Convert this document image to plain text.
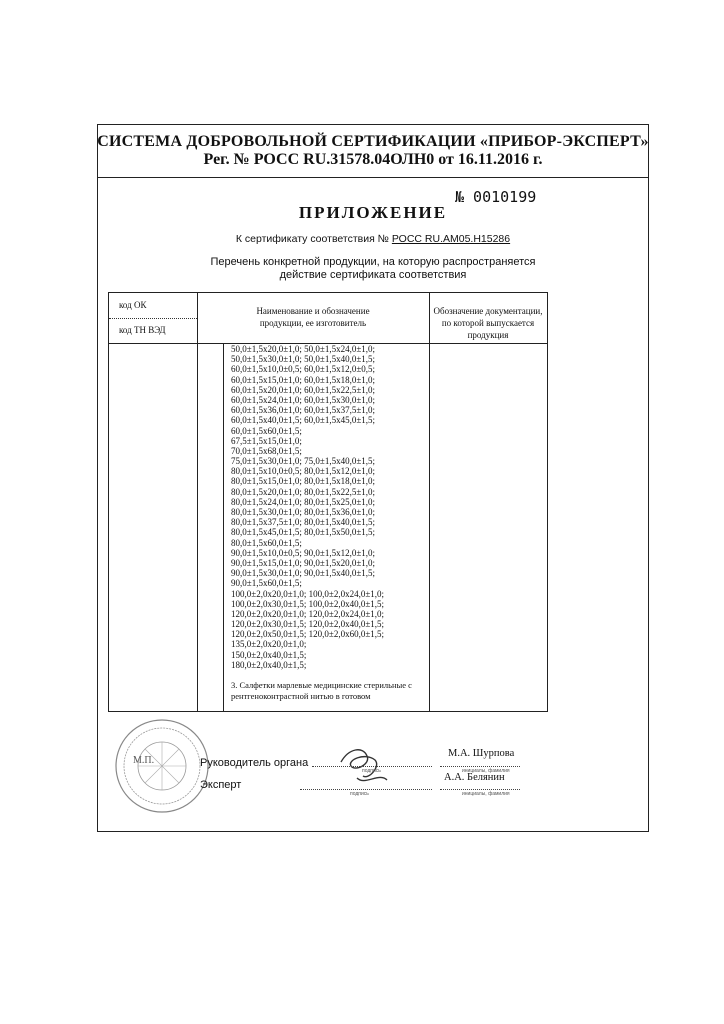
СИСТЕМА ДОБРОВОЛЬНОЙ СЕРТИФИКАЦИИ «ПРИБОР-ЭКСПЕРТ»
Рег. № РОСС RU.31578.04ОЛН0 от 16.11.2016 г.
№ 0010199
ПРИЛОЖЕНИЕ
К сертификату соответствия № РОСС RU.АМ05.Н15286
Перечень конкретной продукции, на которую распространяется
действие сертификата соответствия
код ОК
код ТН ВЭД
Наименование и обозначение
продукции, ее изготовитель
Обозначение документации,
по которой выпускается продукция
50,0±1,5x20,0±1,0; 50,0±1,5x24,0±1,0;
50,0±1,5x30,0±1,0; 50,0±1,5x40,0±1,5;
60,0±1,5x10,0±0,5; 60,0±1,5x12,0±0,5;
60,0±1,5x15,0±1,0; 60,0±1,5x18,0±1,0;
60,0±1,5x20,0±1,0; 60,0±1,5x22,5±1,0;
60,0±1,5x24,0±1,0; 60,0±1,5x30,0±1,0;
60,0±1,5x36,0±1,0; 60,0±1,5x37,5±1,0;
60,0±1,5x40,0±1,5; 60,0±1,5x45,0±1,5;
60,0±1,5x60,0±1,5;
67,5±1,5x15,0±1,0;
70,0±1,5x68,0±1,5;
75,0±1,5x30,0±1,0; 75,0±1,5x40,0±1,5;
80,0±1,5x10,0±0,5; 80,0±1,5x12,0±1,0;
80,0±1,5x15,0±1,0; 80,0±1,5x18,0±1,0;
80,0±1,5x20,0±1,0; 80,0±1,5x22,5±1,0;
80,0±1,5x24,0±1,0; 80,0±1,5x25,0±1,0;
80,0±1,5x30,0±1,0; 80,0±1,5x36,0±1,0;
80,0±1,5x37,5±1,0; 80,0±1,5x40,0±1,5;
80,0±1,5x45,0±1,5; 80,0±1,5x50,0±1,5;
80,0±1,5x60,0±1,5;
90,0±1,5x10,0±0,5; 90,0±1,5x12,0±1,0;
90,0±1,5x15,0±1,0; 90,0±1,5x20,0±1,0;
90,0±1,5x30,0±1,0; 90,0±1,5x40,0±1,5;
90,0±1,5x60,0±1,5;
100,0±2,0x20,0±1,0; 100,0±2,0x24,0±1,0;
100,0±2,0x30,0±1,5; 100,0±2,0x40,0±1,5;
120,0±2,0x20,0±1,0; 120,0±2,0x24,0±1,0;
120,0±2,0x30,0±1,5; 120,0±2,0x40,0±1,5;
120,0±2,0x50,0±1,5; 120,0±2,0x60,0±1,5;
135,0±2,0x20,0±1,0;
150,0±2,0x40,0±1,5;
180,0±2,0x40,0±1,5;
3. Салфетки марлевые медицинские стерильные с
рентгеноконтрастной нитью в готовом
М.П.	Руководитель органа
подпись
М.А. Шурпова
инициалы, фамилия
Эксперт
подпись
А.А. Белянин
инициалы, фамилия
